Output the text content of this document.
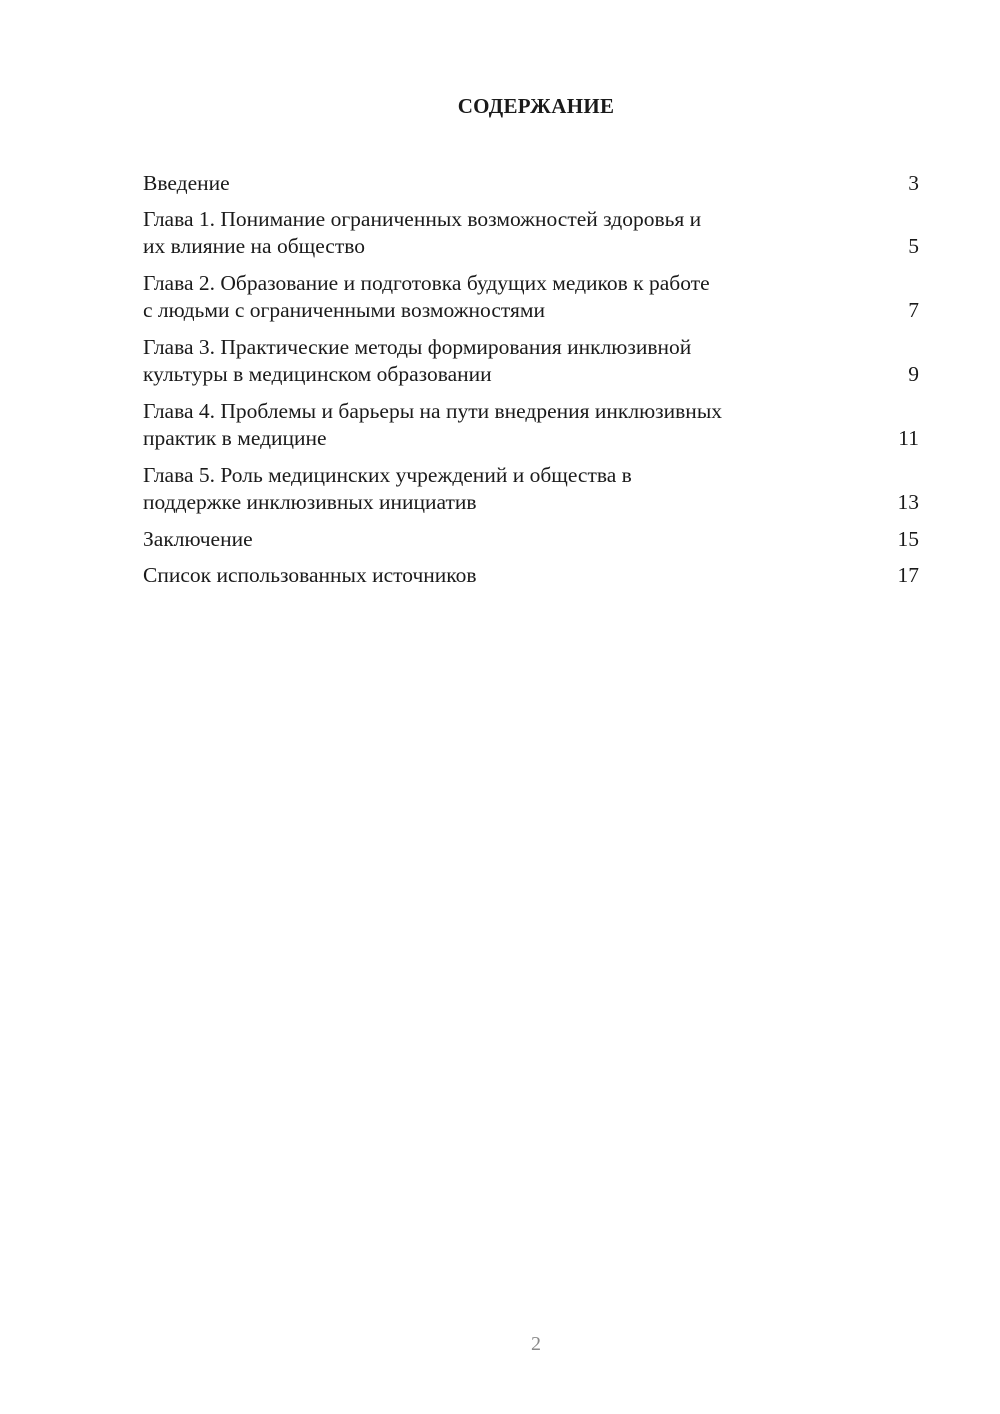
СОДЕРЖАНИЕ
Введение	3
Глава 1. Понимание ограниченных возможностей здоровья и
их влияние на общество	5
Глава 2. Образование и подготовка будущих медиков к работе
с людьми с ограниченными возможностями	7
Глава 3. Практические методы формирования инклюзивной
культуры в медицинском образовании	9
Глава 4. Проблемы и барьеры на пути внедрения инклюзивных
практик в медицине	11
Глава 5. Роль медицинских учреждений и общества в
поддержке инклюзивных инициатив	13
Заключение	15
Список использованных источников	17
2
